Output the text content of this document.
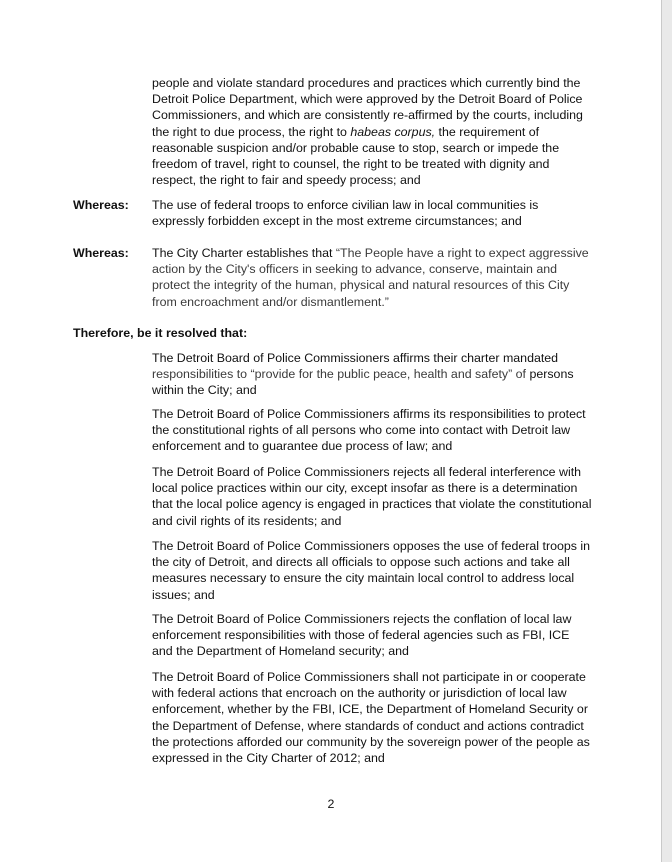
people and violate standard procedures and practices which currently bind the Detroit Police Department, which were approved by the Detroit Board of Police Commissioners, and which are consistently re-affirmed by the courts, including the right to due process, the right to habeas corpus, the requirement of reasonable suspicion and/or probable cause to stop, search or impede the freedom of travel, right to counsel, the right to be treated with dignity and respect, the right to fair and speedy process; and

Whereas: The use of federal troops to enforce civilian law in local communities is expressly forbidden except in the most extreme circumstances; and

Whereas: The City Charter establishes that “The People have a right to expect aggressive action by the City's officers in seeking to advance, conserve, maintain and protect the integrity of the human, physical and natural resources of this City from encroachment and/or dismantlement.”

Therefore, be it resolved that:

The Detroit Board of Police Commissioners affirms their charter mandated responsibilities to “provide for the public peace, health and safety” of persons within the City; and

The Detroit Board of Police Commissioners affirms its responsibilities to protect the constitutional rights of all persons who come into contact with Detroit law enforcement and to guarantee due process of law; and

The Detroit Board of Police Commissioners rejects all federal interference with local police practices within our city, except insofar as there is a determination that the local police agency is engaged in practices that violate the constitutional and civil rights of its residents; and

The Detroit Board of Police Commissioners opposes the use of federal troops in the city of Detroit, and directs all officials to oppose such actions and take all measures necessary to ensure the city maintain local control to address local issues; and

The Detroit Board of Police Commissioners rejects the conflation of local law enforcement responsibilities with those of federal agencies such as FBI, ICE and the Department of Homeland security; and

The Detroit Board of Police Commissioners shall not participate in or cooperate with federal actions that encroach on the authority or jurisdiction of local law enforcement, whether by the FBI, ICE, the Department of Homeland Security or the Department of Defense, where standards of conduct and actions contradict the protections afforded our community by the sovereign power of the people as expressed in the City Charter of 2012; and

2
